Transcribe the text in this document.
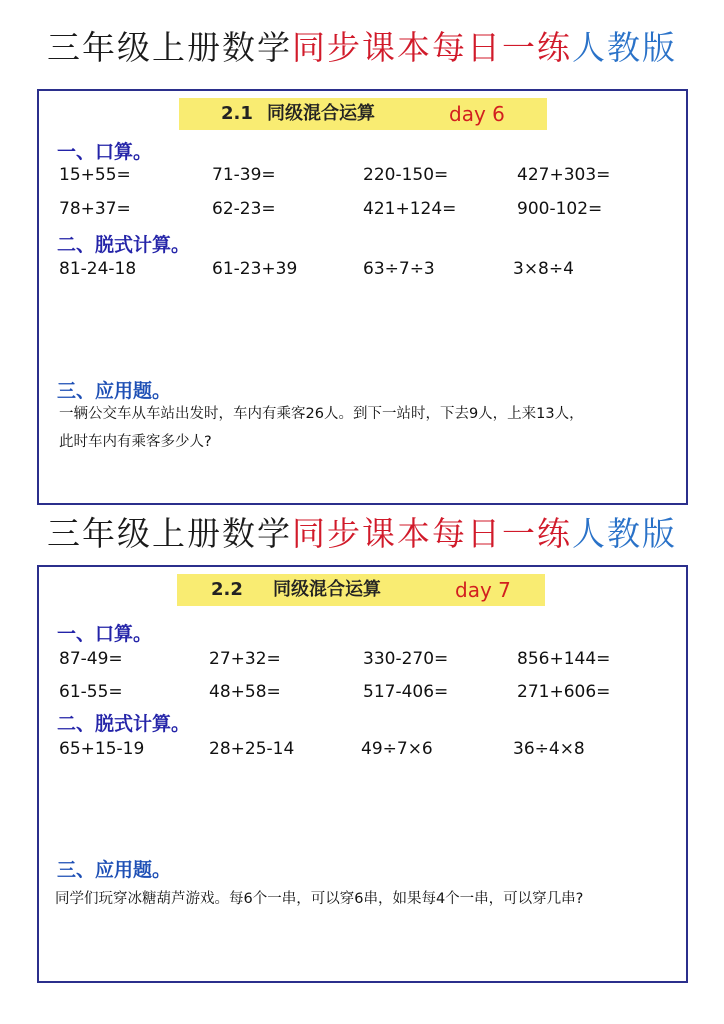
三年级上册数学同步课本每日一练人教版
2.1 同级混合运算	day 6
一、口算。
15+55=	71-39=	220-150=	427+303=
78+37=	62-23=	421+124=	900-102=
二、脱式计算。
81-24-18	61-23+39	63÷7÷3	3×8÷4
三、应用题。
一辆公交车从车站出发时，车内有乘客26人。到下一站时，下去9人，上来13人，
此时车内有乘客多少人?
三年级上册数学同步课本每日一练人教版
2.2 同级混合运算	day 7
一、口算。
87-49=	27+32=	330-270=	856+144=
61-55=	48+58=	517-406=	271+606=
二、脱式计算。
65+15-19	28+25-14	49÷7×6	36÷4×8
三、应用题。
同学们玩穿冰糖葫芦游戏。每6个一串，可以穿6串，如果每4个一串，可以穿几串?
